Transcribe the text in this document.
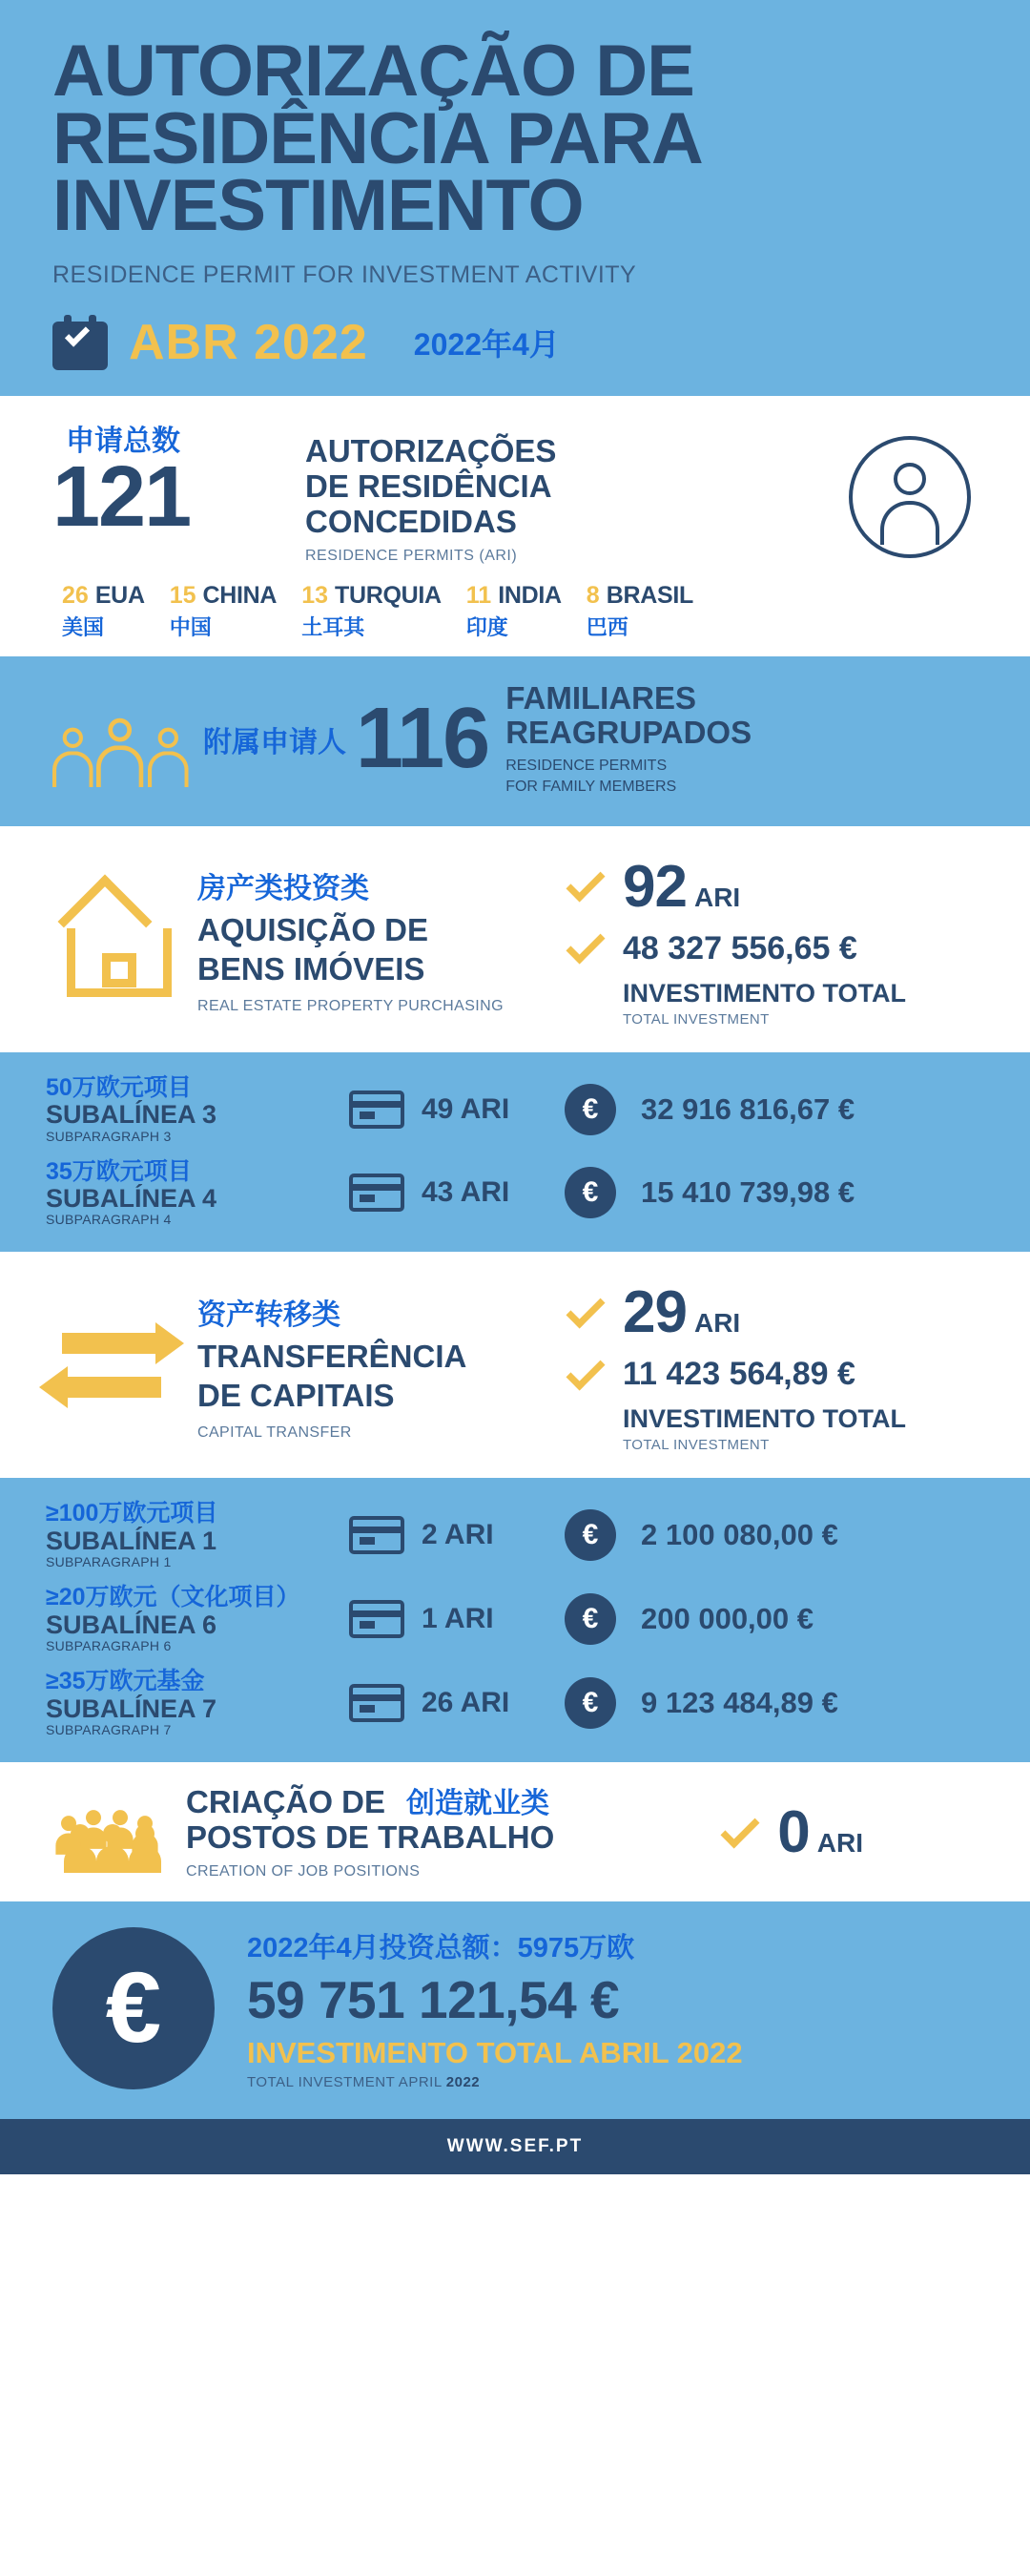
AUTORIZAÇÃO DE
RESIDÊNCIA PARA
INVESTIMENTO
RESIDENCE PERMIT FOR INVESTMENT ACTIVITY
ABR 2022 2022年4月
申请总数
121	AUTORIZAÇÕES
DE RESIDÊNCIA
CONCEDIDAS
RESIDENCE PERMITS (ARI)
26 EUA
美国
15 CHINA
中国
13 TURQUIA
土耳其
11 INDIA
印度
8 BRASIL
巴西
附属申请人 116 FAMILIARES
REAGRUPADOS
RESIDENCE PERMITS
FOR FAMILY MEMBERS
房产类投资类
AQUISIÇÃO DE
BENS IMÓVEIS
REAL ESTATE PROPERTY PURCHASING
92 ARI
48 327 556,65 €
INVESTIMENTO TOTAL
TOTAL INVESTMENT
50万欧元项目
SUBALÍNEA 3
SUBPARAGRAPH 3
49 ARI	€	32 916 816,67 €
35万欧元项目
SUBALÍNEA 4
SUBPARAGRAPH 4
43 ARI	€	15 410 739,98 €
资产转移类
TRANSFERÊNCIA
DE CAPITAIS
CAPITAL TRANSFER
29 ARI
11 423 564,89 €
INVESTIMENTO TOTAL
TOTAL INVESTMENT
≥100万欧元项目
SUBALÍNEA 1
SUBPARAGRAPH 1
2 ARI	€	2 100 080,00 €
≥20万欧元（文化项目）
SUBALÍNEA 6
SUBPARAGRAPH 6
1 ARI	€	200 000,00 €
≥35万欧元基金
SUBALÍNEA 7
SUBPARAGRAPH 7
26 ARI	€	9 123 484,89 €
CRIAÇÃO DE 创造就业类
POSTOS DE TRABALHO
CREATION OF JOB POSITIONS
0 ARI
€
2022年4月投资总额：5975万欧
59 751 121,54 €
INVESTIMENTO TOTAL ABRIL 2022
TOTAL INVESTMENT APRIL 2022
WWW.SEF.PT
